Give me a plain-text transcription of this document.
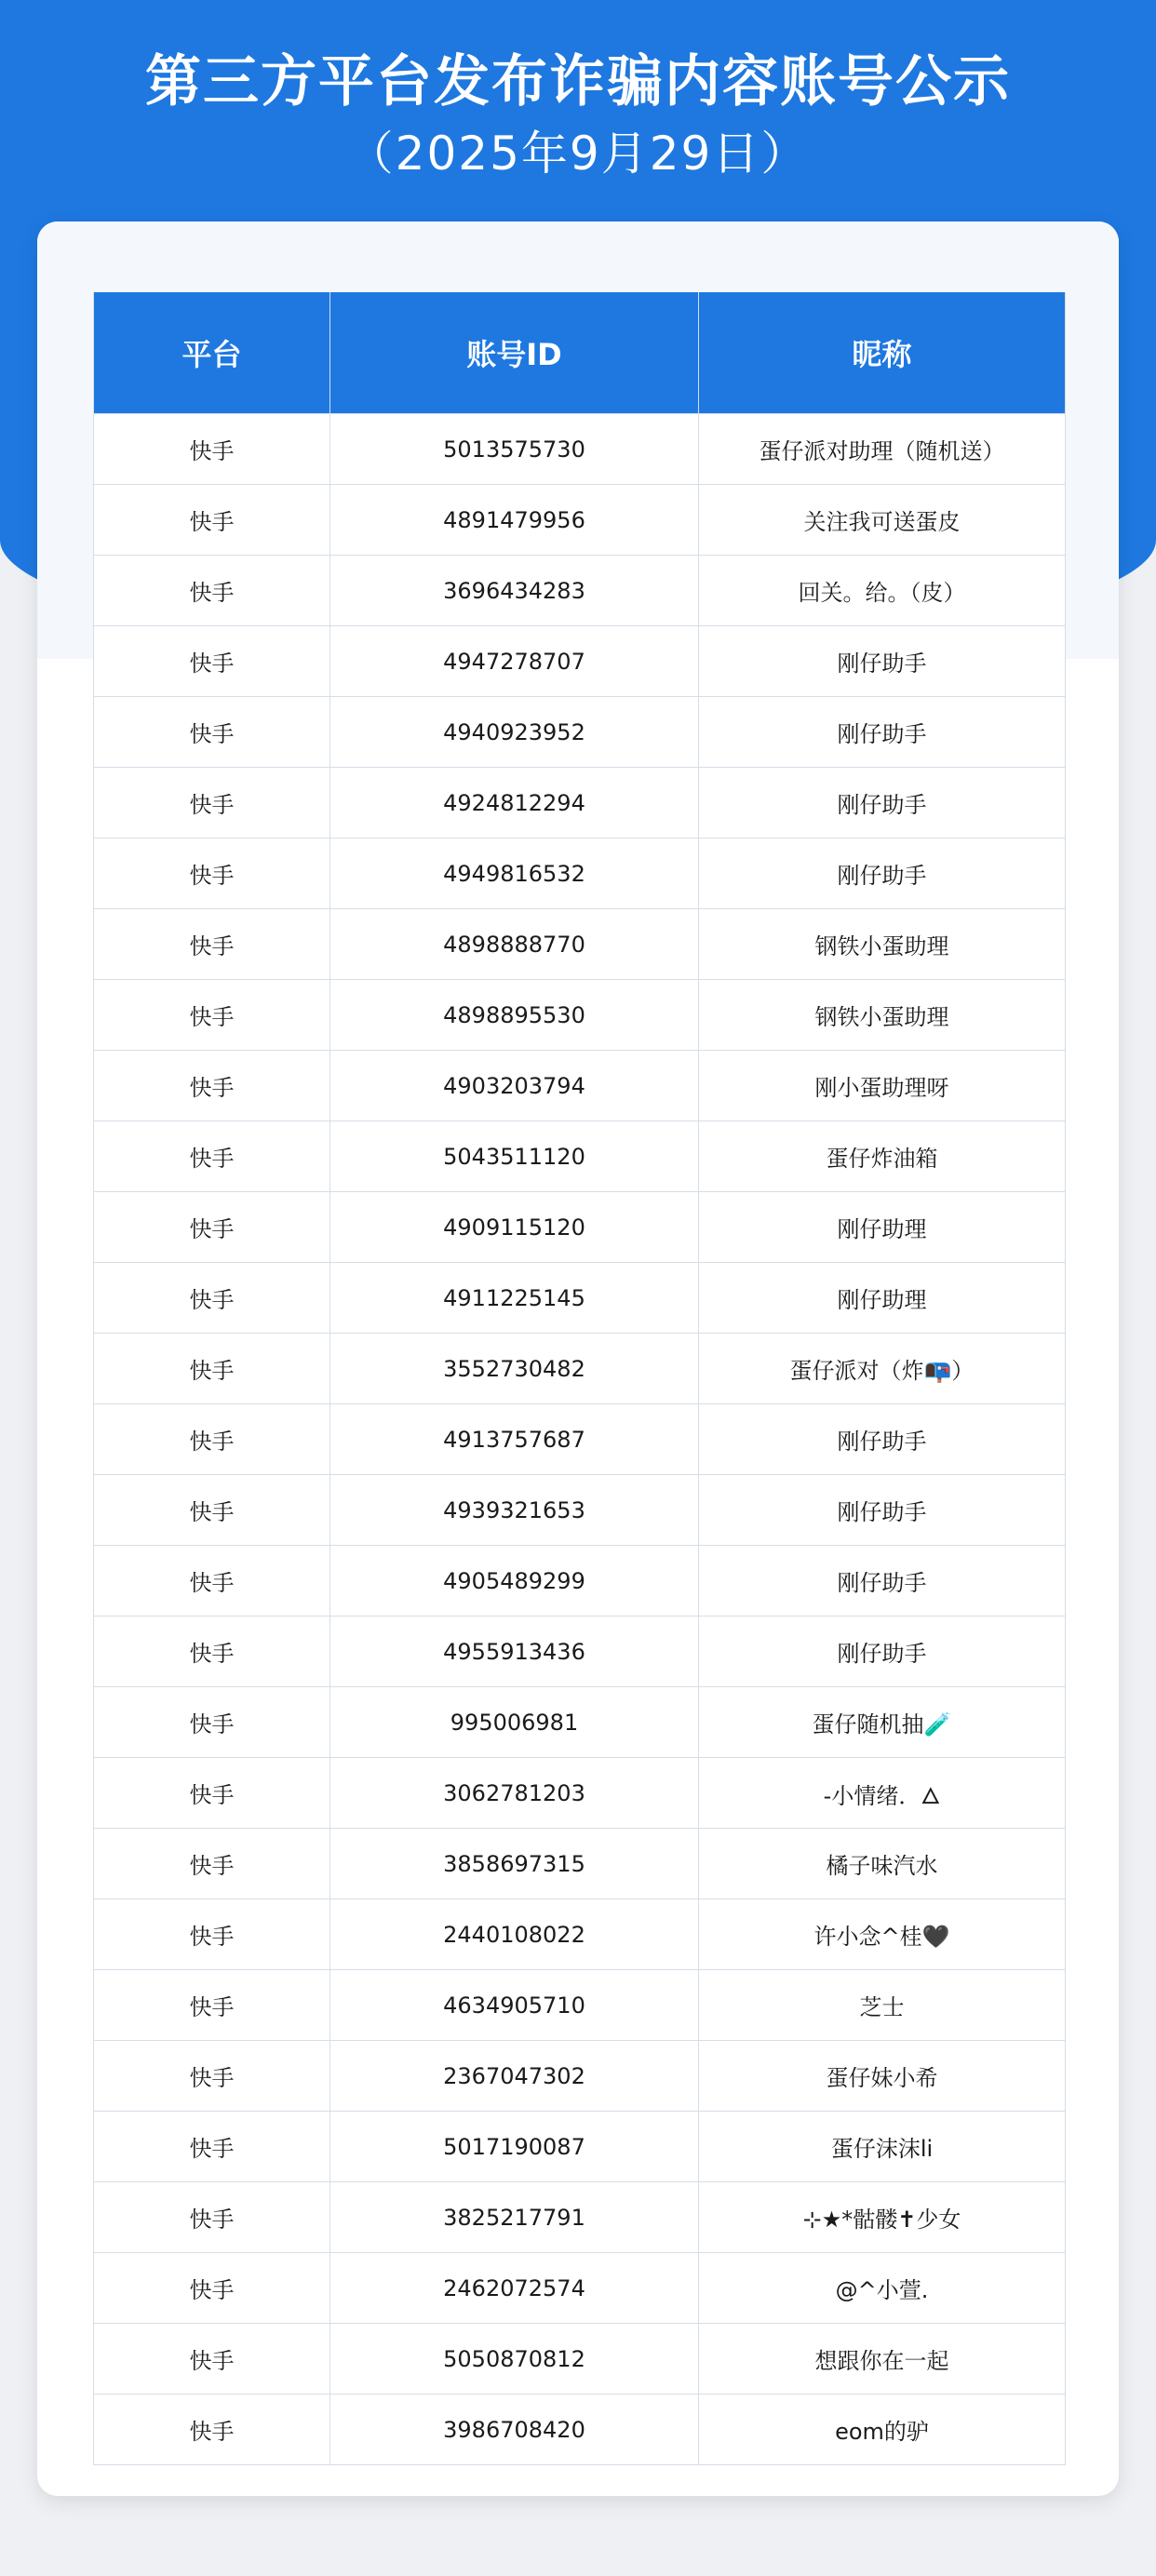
第三方平台发布诈骗内容账号公示
（2025年9月29日）
平台	账号ID	昵称
快手	5013575730	蛋仔派对助理（随机送）
快手	4891479956	关注我可送蛋皮
快手	3696434283	回关。给。（皮）
快手	4947278707	刚仔助手
快手	4940923952	刚仔助手
快手	4924812294	刚仔助手
快手	4949816532	刚仔助手
快手	4898888770	钢铁小蛋助理
快手	4898895530	钢铁小蛋助理
快手	4903203794	刚小蛋助理呀
快手	5043511120	蛋仔炸油箱
快手	4909115120	刚仔助理
快手	4911225145	刚仔助理
快手	3552730482	蛋仔派对（炸📭）
快手	4913757687	刚仔助手
快手	4939321653	刚仔助手
快手	4905489299	刚仔助手
快手	4955913436	刚仔助手
快手	995006981	蛋仔随机抽🧪
快手	3062781203	-小情绪．🜂
快手	3858697315	橘子味汽水
快手	2440108022	许小念^桂🖤
快手	4634905710	芝士
快手	2367047302	蛋仔妹小希
快手	5017190087	蛋仔沫沫li
快手	3825217791	⊹★*骷髅✝少女
快手	2462072574	@^小萱.
快手	5050870812	想跟你在一起
快手	3986708420	eom的驴
